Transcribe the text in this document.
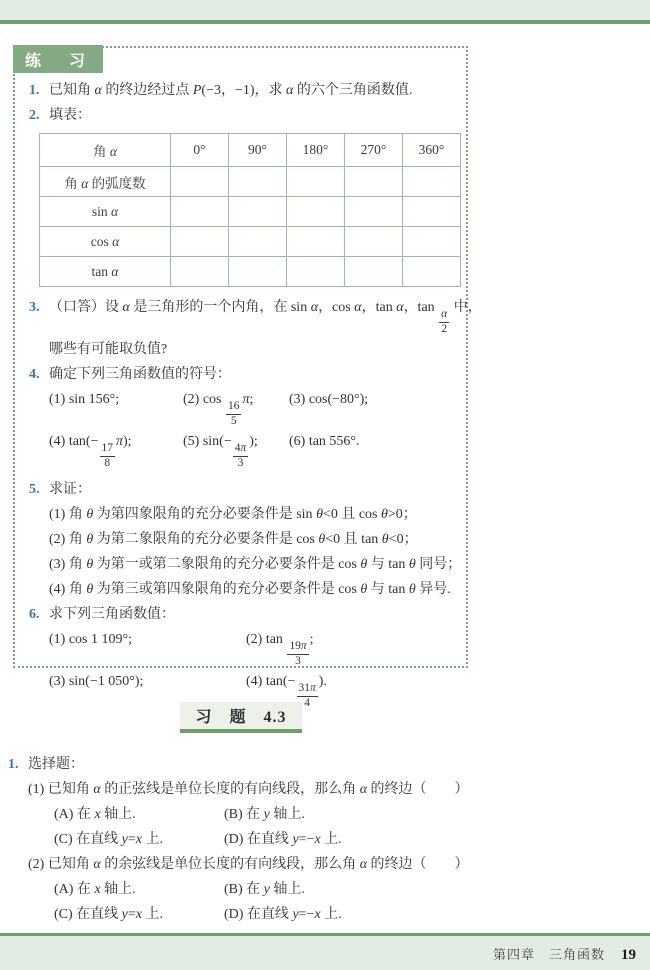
练　习
1. 已知角 α 的终边经过点 P(−3，−1)，求 α 的六个三角函数值.
2. 填表：
角 α	0°	90°	180°	270°	360°
角 α 的弧度数					
sin α					
cos α					
tan α					
3. （口答）设 α 是三角形的一个内角，在 sin α，cos α，tan α，tan
$\frac{\alpha}{2}$
中，
哪些有可能取负值?
4. 确定下列三角函数值的符号：
(1) sin 156°;	(2) cos
$\frac{16}{5}$
π;	(3) cos(−80°);
(4) tan(−
$\frac{17}{8}$
π);	(5) sin(−
$\frac{4\pi}{3}$
);	(6) tan 556°.
5. 求证：
(1) 角 θ 为第四象限角的充分必要条件是 sin θ<0 且 cos θ>0；
(2) 角 θ 为第二象限角的充分必要条件是 cos θ<0 且 tan θ<0；
(3) 角 θ 为第一或第二象限角的充分必要条件是 cos θ 与 tan θ 同号；
(4) 角 θ 为第三或第四象限角的充分必要条件是 cos θ 与 tan θ 异号.
6. 求下列三角函数值：
(1) cos 1 109°;	(2) tan
$\frac{19\pi}{3}$
;
(3) sin(−1 050°);	(4) tan(−
$\frac{31\pi}{4}$
).
习　题　4.3
1. 选择题：
(1) 已知角 α 的正弦线是单位长度的有向线段，那么角 α 的终边（　　）
(A) 在 x 轴上.	(B) 在 y 轴上.
(C) 在直线 y=x 上.	(D) 在直线 y=−x 上.
(2) 已知角 α 的余弦线是单位长度的有向线段，那么角 α 的终边（　　）
(A) 在 x 轴上.	(B) 在 y 轴上.
(C) 在直线 y=x 上.	(D) 在直线 y=−x 上.
第四章　三角函数 19
